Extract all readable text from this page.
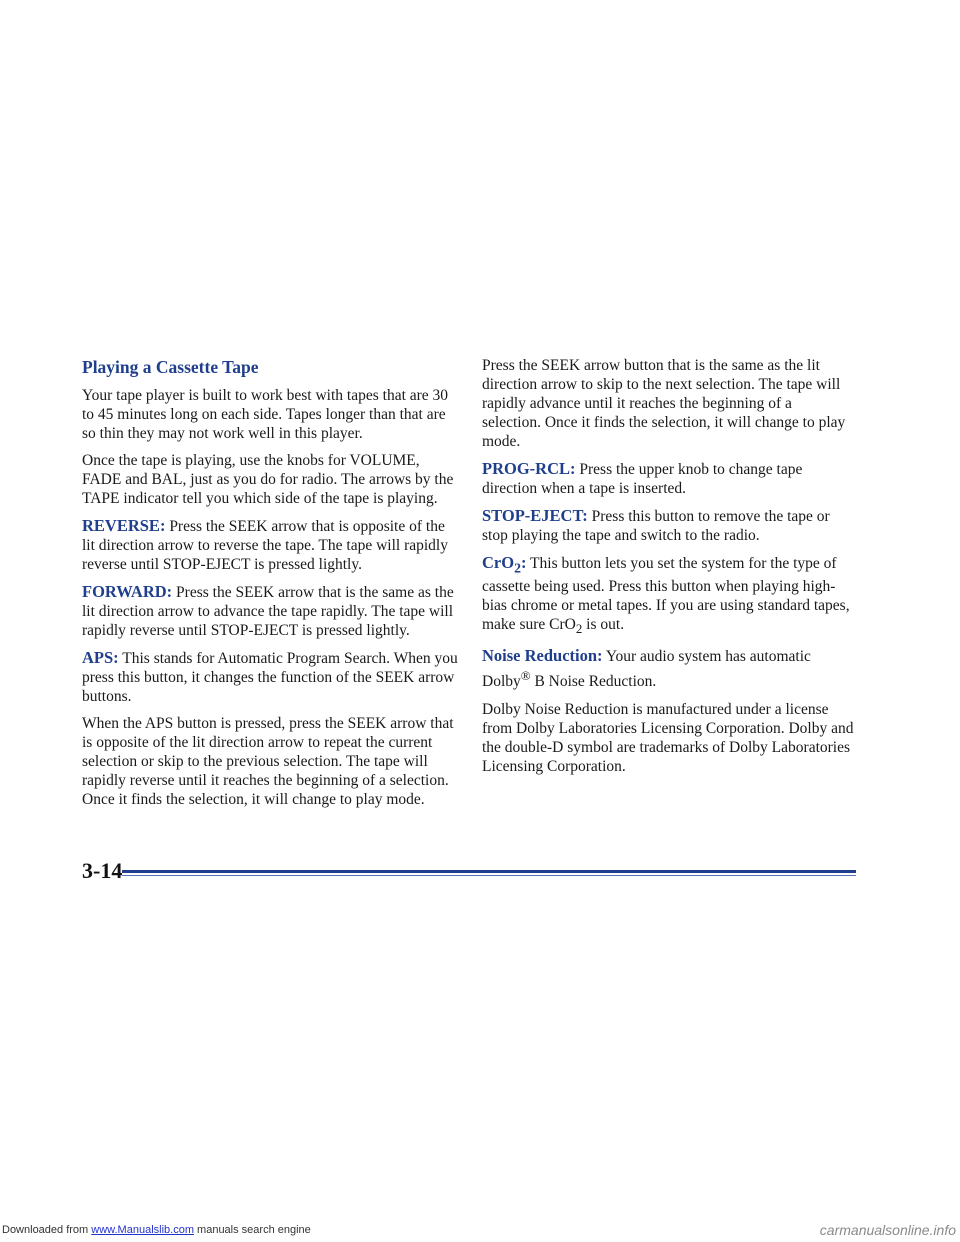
Playing a Cassette Tape

Your tape player is built to work best with tapes that are 30 to 45 minutes long on each side. Tapes longer than that are so thin they may not work well in this player.

Once the tape is playing, use the knobs for VOLUME, FADE and BAL, just as you do for radio. The arrows by the TAPE indicator tell you which side of the tape is playing.

REVERSE: Press the SEEK arrow that is opposite of the lit direction arrow to reverse the tape. The tape will rapidly reverse until STOP-EJECT is pressed lightly.

FORWARD: Press the SEEK arrow that is the same as the lit direction arrow to advance the tape rapidly. The tape will rapidly reverse until STOP-EJECT is pressed lightly.

APS: This stands for Automatic Program Search. When you press this button, it changes the function of the SEEK arrow buttons.

When the APS button is pressed, press the SEEK arrow that is opposite of the lit direction arrow to repeat the current selection or skip to the previous selection. The tape will rapidly reverse until it reaches the beginning of a selection. Once it finds the selection, it will change to play mode.

Press the SEEK arrow button that is the same as the lit direction arrow to skip to the next selection. The tape will rapidly advance until it reaches the beginning of a selection. Once it finds the selection, it will change to play mode.

PROG-RCL: Press the upper knob to change tape direction when a tape is inserted.

STOP-EJECT: Press this button to remove the tape or stop playing the tape and switch to the radio.

CrO$_2$: This button lets you set the system for the type of cassette being used. Press this button when playing high-bias chrome or metal tapes. If you are using standard tapes, make sure CrO$_2$ is out.

Noise Reduction: Your audio system has automatic Dolby® B Noise Reduction.

Dolby Noise Reduction is manufactured under a license from Dolby Laboratories Licensing Corporation. Dolby and the double-D symbol are trademarks of Dolby Laboratories Licensing Corporation.

3-14
Downloaded from www.Manualslib.com manuals search engine	carmanualsonline.info
